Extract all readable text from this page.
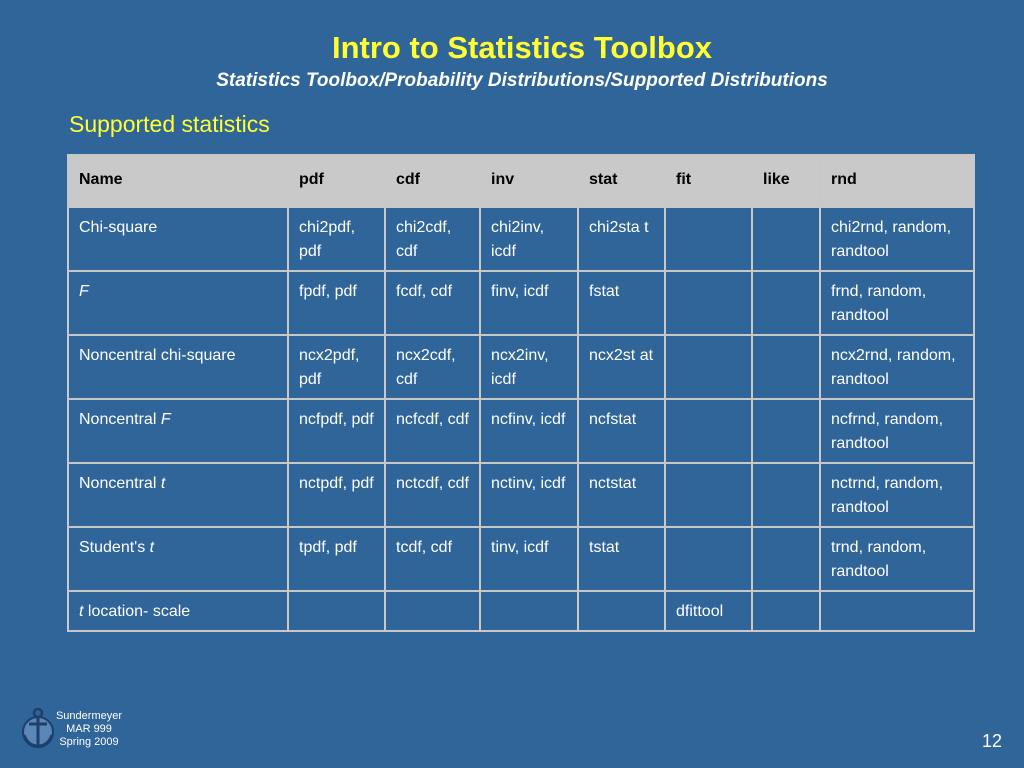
Intro to Statistics Toolbox
Statistics Toolbox/Probability Distributions/Supported Distributions
Supported statistics
Name	pdf	cdf	inv	stat	fit	like	rnd
Chi-square	chi2pdf, pdf	chi2cdf, cdf	chi2inv, icdf	chi2sta t			chi2rnd, random, randtool
F	fpdf, pdf	fcdf, cdf	finv, icdf	fstat			frnd, random, randtool
Noncentral chi-square	ncx2pdf, pdf	ncx2cdf, cdf	ncx2inv, icdf	ncx2st at			ncx2rnd, random, randtool
Noncentral F	ncfpdf, pdf	ncfcdf, cdf	ncfinv, icdf	ncfstat			ncfrnd, random, randtool
Noncentral t	nctpdf, pdf	nctcdf, cdf	nctinv, icdf	nctstat			nctrnd, random, randtool
Student's t	tpdf, pdf	tcdf, cdf	tinv, icdf	tstat			trnd, random, randtool
t location- scale					dfittool		
Sundermeyer
MAR 999
Spring 2009	12
